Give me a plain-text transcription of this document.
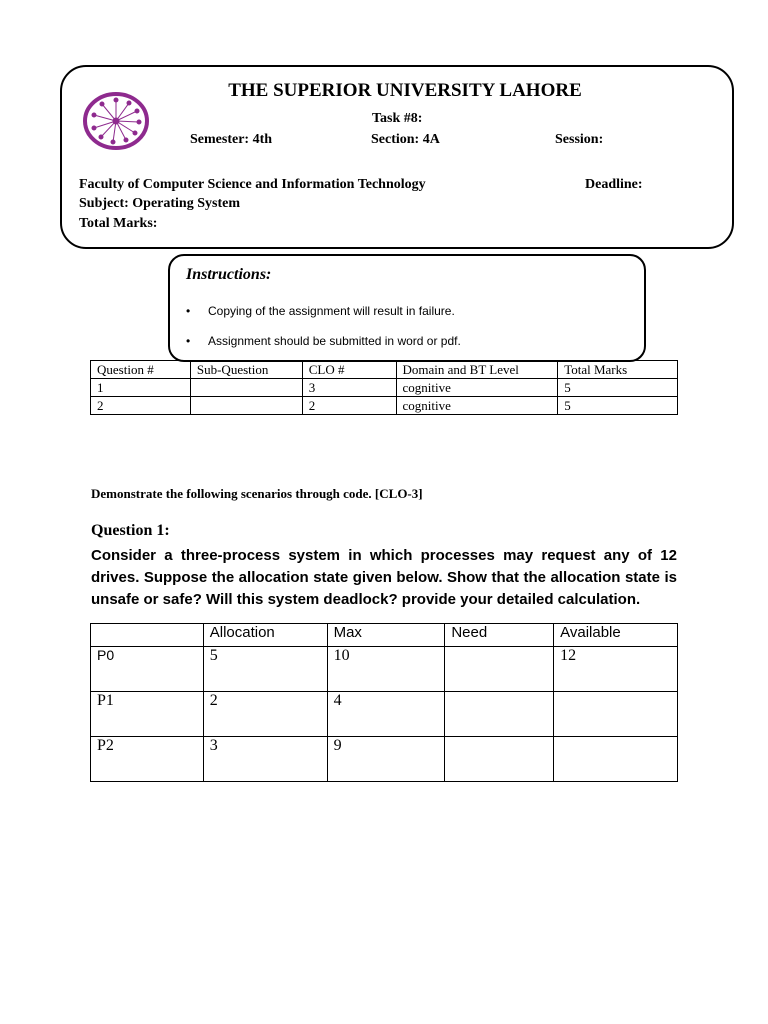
THE SUPERIOR UNIVERSITY LAHORE
Task #8:
Semester: 4th	Section: 4A	Session:
Faculty of Computer Science and Information Technology	Deadline:
Subject: Operating System
Total Marks:
Instructions:
• Copying of the assignment will result in failure.
• Assignment should be submitted in word or pdf.
Question #	Sub-Question	CLO #	Domain and BT Level	Total Marks
1		3	cognitive	5
2		2	cognitive	5
Demonstrate the following scenarios through code. [CLO-3]
Question 1:
Consider a three-process system in which processes may request any of 12 drives. Suppose the allocation state given below. Show that the allocation state is unsafe or safe? Will this system deadlock? provide your detailed calculation.
	Allocation	Max	Need	Available
P0	5	10		12
P1	2	4		
P2	3	9		
